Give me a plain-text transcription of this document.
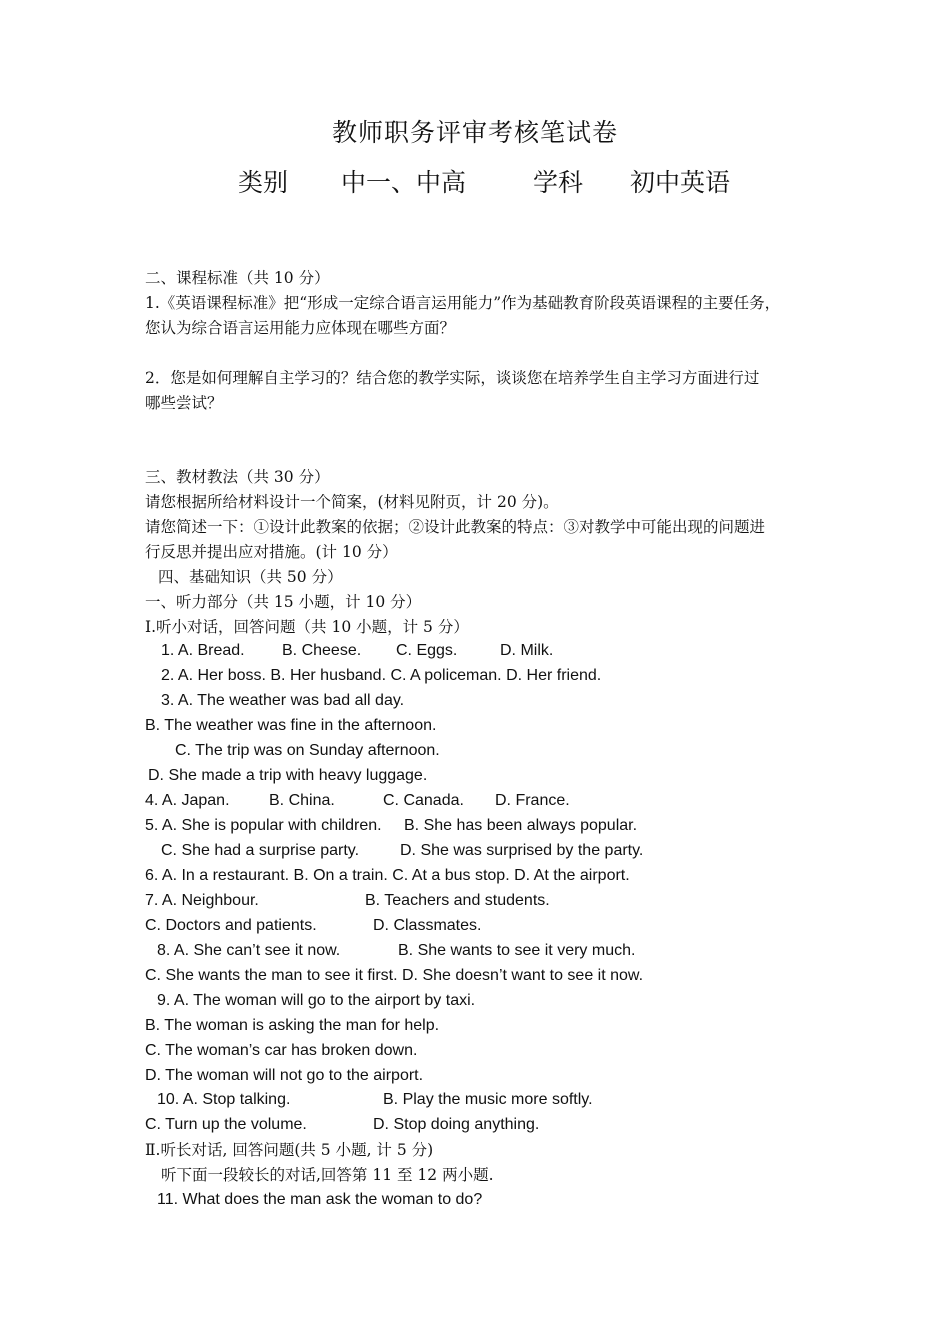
教师职务评审考核笔试卷
类别 中一、中高	学科 初中英语
二、课程标准（共 10 分）
1.《英语课程标准》把“形成一定综合语言运用能力”作为基础教育阶段英语课程的主要任务，
您认为综合语言运用能力应体现在哪些方面？
2．您是如何理解自主学习的？结合您的教学实际，谈谈您在培养学生自主学习方面进行过
哪些尝试？
三、教材教法（共 30 分）
请您根据所给材料设计一个简案，(材料见附页，计 20 分)。
请您简述一下：①设计此教案的依据；②设计此教案的特点：③对教学中可能出现的问题进
行反思并提出应对措施。(计 10 分）
四、基础知识（共 50 分）
一、听力部分（共 15 小题，计 10 分）
Ⅰ.听小对话，回答问题（共 10 小题，计 5 分）
1. A. Bread. B. Cheese. C. Eggs.	D. Milk.
2. A. Her boss. B. Her husband. C. A policeman. D. Her friend.
3. A. The weather was bad all day.
B. The weather was fine in the afternoon.
C. The trip was on Sunday afternoon.
D. She made a trip with heavy luggage.
4. A. Japan. B. China.	C. Canada. D. France.
5. A. She is popular with children. B. She has been always popular.
C. She had a surprise party.	D. She was surprised by the party.
6. A. In a restaurant. B. On a train. C. At a bus stop. D. At the airport.
7. A. Neighbour.	B. Teachers and students.
C. Doctors and patients.	D. Classmates.
8. A. She can’t see it now.	B. She wants to see it very much.
C. She wants the man to see it first. D. She doesn’t want to see it now.
9. A. The woman will go to the airport by taxi.
B. The woman is asking the man for help.
C. The woman’s car has broken down.
D. The woman will not go to the airport.
10. A. Stop talking.	B. Play the music more softly.
C. Turn up the volume.	D. Stop doing anything.
Ⅱ.听长对话, 回答问题(共 5 小题, 计 5 分)
听下面一段较长的对话,回答第 11 至 12 两小题.
11. What does the man ask the woman to do?
